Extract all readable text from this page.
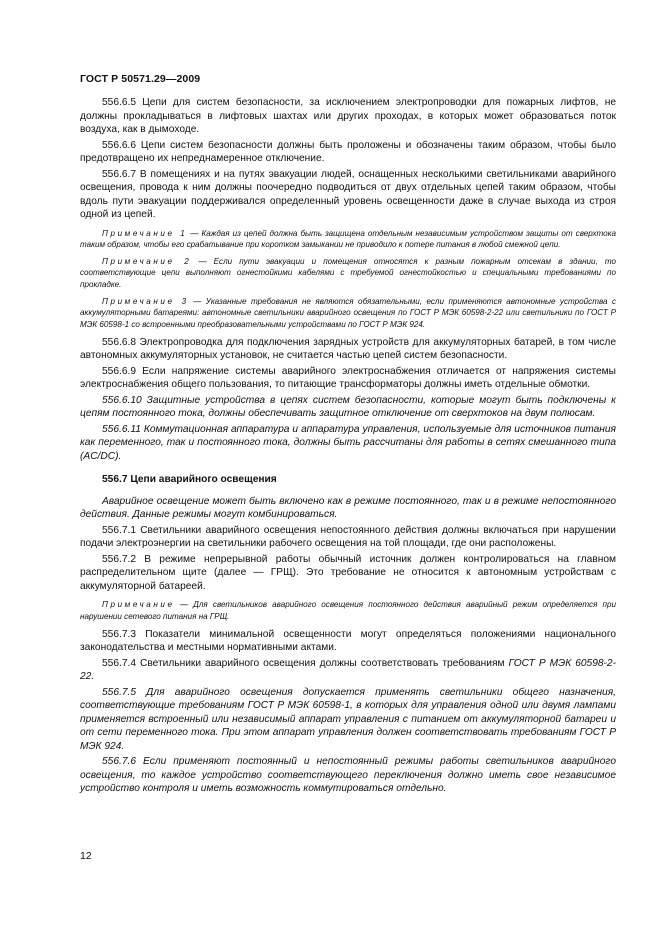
ГОСТ Р 50571.29—2009

556.6.5 Цепи для систем безопасности, за исключением электропроводки для пожарных лифтов, не должны прокладываться в лифтовых шахтах или других проходах, в которых может образоваться поток воздуха, как в дымоходе.

556.6.6 Цепи систем безопасности должны быть проложены и обозначены таким образом, чтобы было предотвращено их непреднамеренное отключение.

556.6.7 В помещениях и на путях эвакуации людей, оснащенных несколькими светильниками аварийного освещения, провода к ним должны поочередно подводиться от двух отдельных цепей таким образом, чтобы вдоль пути эвакуации поддерживался определенный уровень освещенности даже в случае выхода из строя одной из цепей.

Примечание 1 — Каждая из цепей должна быть защищена отдельным независимым устройством защиты от сверхтока таким образом, чтобы его срабатывание при коротком замыкании не приводило к потере питания в любой смежной цепи.

Примечание 2 — Если пути эвакуации и помещения относятся к разным пожарным отсекам в здании, то соответствующие цепи выполняют огнестойкими кабелями с требуемой огнестойкостью и специальными требованиями по прокладке.

Примечание 3 — Указанные требования не являются обязательными, если применяются автономные устройства с аккумуляторными батареями: автономные светильники аварийного освещения по ГОСТ Р МЭК 60598-2-22 или светильники по ГОСТ Р МЭК 60598-1 со встроенными преобразовательными устройствами по ГОСТ Р МЭК 924.

556.6.8 Электропроводка для подключения зарядных устройств для аккумуляторных батарей, в том числе автономных аккумуляторных установок, не считается частью цепей систем безопасности.

556.6.9 Если напряжение системы аварийного электроснабжения отличается от напряжения системы электроснабжения общего пользования, то питающие трансформаторы должны иметь отдельные обмотки.

556.6.10 Защитные устройства в цепях систем безопасности, которые могут быть подключены к цепям постоянного тока, должны обеспечивать защитное отключение от сверхтоков на двум полюсам.

556.6.11 Коммутационная аппаратура и аппаратура управления, используемые для источников питания как переменного, так и постоянного тока, должны быть рассчитаны для работы в сетях смешанного типа (AC/DC).

556.7 Цепи аварийного освещения

Аварийное освещение может быть включено как в режиме постоянного, так и в режиме непостоянного действия. Данные режимы могут комбинироваться.

556.7.1 Светильники аварийного освещения непостоянного действия должны включаться при нарушении подачи электроэнергии на светильники рабочего освещения на той площади, где они расположены.

556.7.2 В режиме непрерывной работы обычный источник должен контролироваться на главном распределительном щите (далее — ГРЩ). Это требование не относится к автономным устройствам с аккумуляторной батареей.

Примечание — Для светильников аварийного освещения постоянного действия аварийный режим определяется при нарушении сетевого питания на ГРЩ.

556.7.3 Показатели минимальной освещенности могут определяться положениями национального законодательства и местными нормативными актами.

556.7.4 Светильники аварийного освещения должны соответствовать требованиям ГОСТ Р МЭК 60598-2-22.

556.7.5 Для аварийного освещения допускается применять светильники общего назначения, соответствующие требованиям ГОСТ Р МЭК 60598-1, в которых для управления одной или двумя лампами применяется встроенный или независимый аппарат управления с питанием от аккумуляторной батареи и от сети переменного тока. При этом аппарат управления должен соответствовать требованиям ГОСТ Р МЭК 924.

556.7.6 Если применяют постоянный и непостоянный режимы работы светильников аварийного освещения, то каждое устройство соответствующего переключения должно иметь свое независимое устройство контроля и иметь возможность коммутироваться отдельно.

12
